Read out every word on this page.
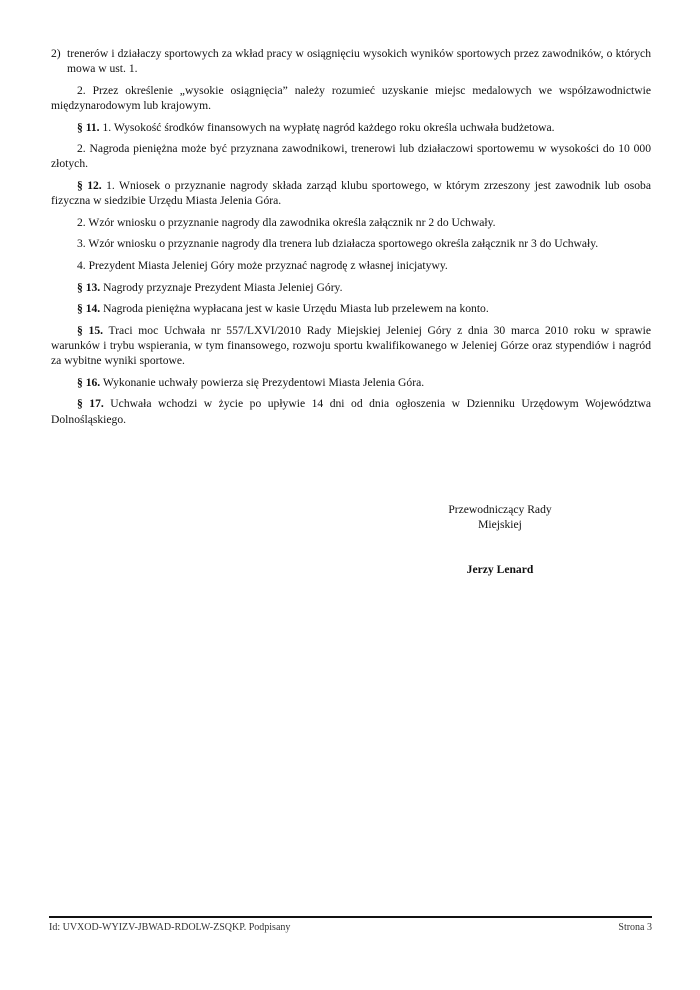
2) trenerów i działaczy sportowych za wkład pracy w osiągnięciu wysokich wyników sportowych przez zawodników, o których mowa w ust. 1.

2. Przez określenie „wysokie osiągnięcia” należy rozumieć uzyskanie miejsc medalowych we współzawodnictwie międzynarodowym lub krajowym.

§ 11. 1. Wysokość środków finansowych na wypłatę nagród każdego roku określa uchwała budżetowa.

2. Nagroda pieniężna może być przyznana zawodnikowi, trenerowi lub działaczowi sportowemu w wysokości do 10 000 złotych.

§ 12. 1. Wniosek o przyznanie nagrody składa zarząd klubu sportowego, w którym zrzeszony jest zawodnik lub osoba fizyczna w siedzibie Urzędu Miasta Jelenia Góra.

2. Wzór wniosku o przyznanie nagrody dla zawodnika określa załącznik nr 2 do Uchwały.

3. Wzór wniosku o przyznanie nagrody dla trenera lub działacza sportowego określa załącznik nr 3 do Uchwały.

4. Prezydent Miasta Jeleniej Góry może przyznać nagrodę z własnej inicjatywy.

§ 13. Nagrody przyznaje Prezydent Miasta Jeleniej Góry.

§ 14. Nagroda pieniężna wypłacana jest w kasie Urzędu Miasta lub przelewem na konto.

§ 15. Traci moc Uchwała nr 557/LXVI/2010 Rady Miejskiej Jeleniej Góry z dnia 30 marca 2010 roku w sprawie warunków i trybu wspierania, w tym finansowego, rozwoju sportu kwalifikowanego w Jeleniej Górze oraz stypendiów i nagród za wybitne wyniki sportowe.

§ 16. Wykonanie uchwały powierza się Prezydentowi Miasta Jelenia Góra.

§ 17. Uchwała wchodzi w życie po upływie 14 dni od dnia ogłoszenia w Dzienniku Urzędowym Województwa Dolnośląskiego.

Przewodniczący Rady
Miejskiej
Jerzy Lenard
Id: UVXOD-WYIZV-JBWAD-RDOLW-ZSQKP. Podpisany	Strona 3
